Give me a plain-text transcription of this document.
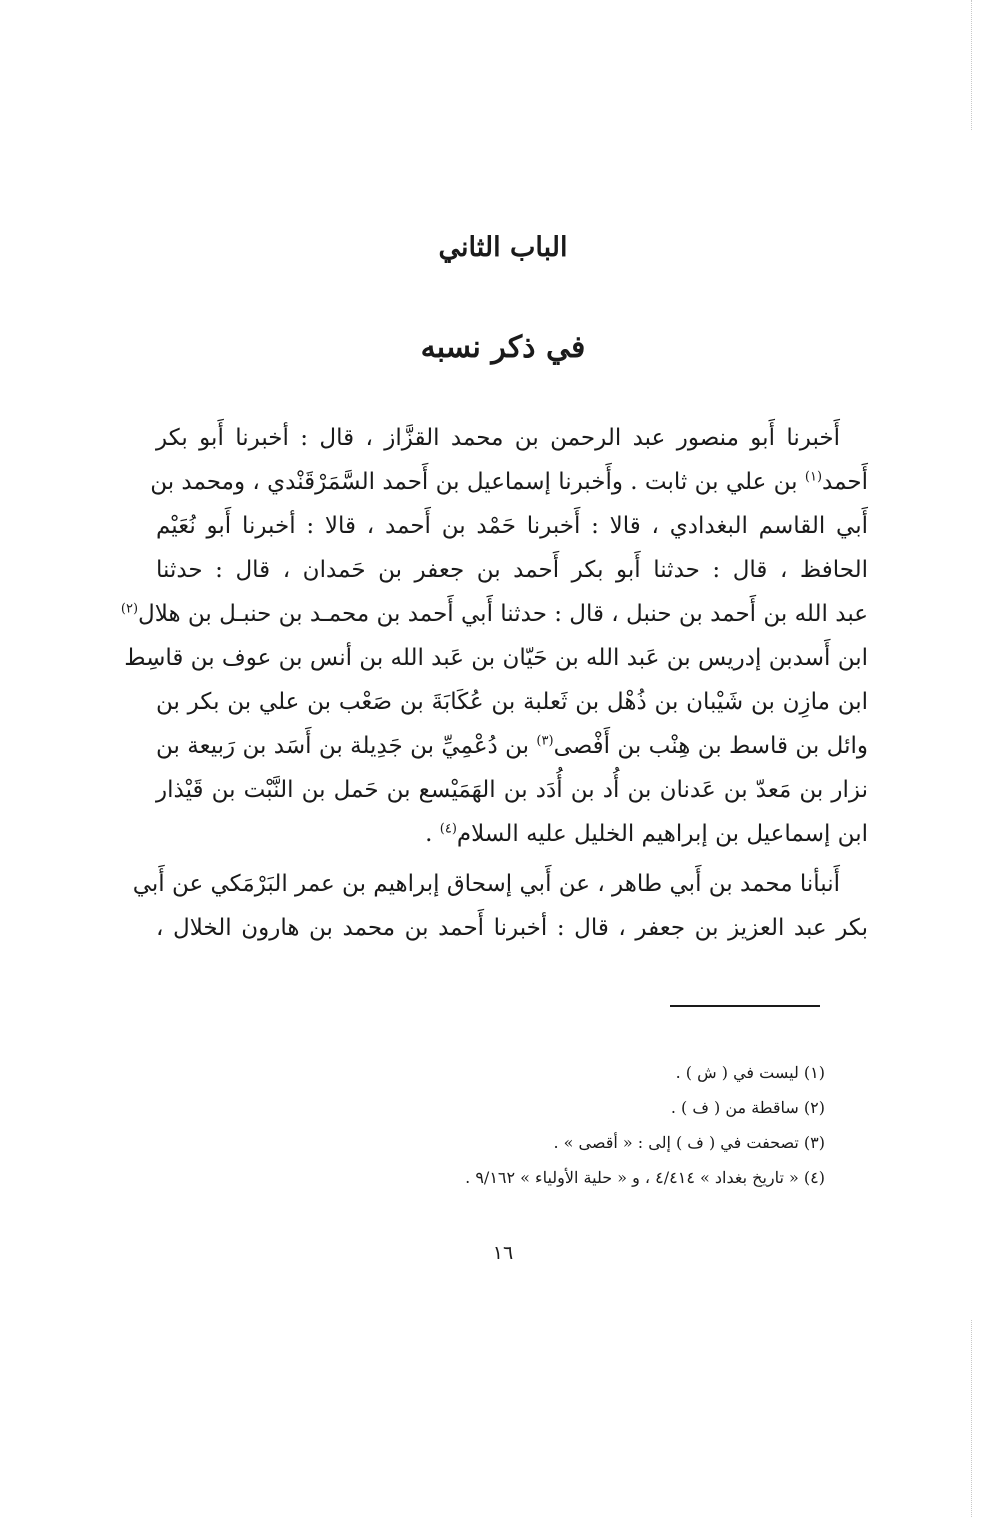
الباب الثاني
في ذكر نسبه
أَخبرنا أَبو منصور عبد الرحمن بن محمد القزَّاز ، قال : أخبرنا أَبو بكر
أَحمد$^{(١)}$ بن علي بن ثابت . وأَخبرنا إسماعيل بن أَحمد السَّمَرْقَنْدي ، ومحمد بن
أَبي القاسم البغدادي ، قالا : أَخبرنا حَمْد بن أَحمد ، قالا : أخبرنا أَبو نُعَيْم
الحافظ ، قال : حدثنا أَبو بكر أَحمد بن جعفر بن حَمدان ، قال : حدثنا
عبد الله بن أَحمد بن حنبل ، قال : حدثنا أَبي أَحمد بن محمـد بن حنبـل بن هلال$^{(٢)}$
ابن أَسدبن إدريس بن عَبد الله بن حَيّان بن عَبد الله بن أنس بن عوف بن قاسِط
ابن مازِن بن شَيْبان بن ذُهْل بن ثَعلبة بن عُكَابَةَ بن صَعْب بن علي بن بكر بن
وائل بن قاسط بن هِنْب بن أَفْصى$^{(٣)}$ بن دُعْمِيِّ بن جَدِيلة بن أَسَد بن رَبيعة بن
نزار بن مَعدّ بن عَدنان بن أُد بن أُدَد بن الهَمَيْسع بن حَمل بن النَّبْت بن قَيْذار
ابن إسماعيل بن إبراهيم الخليل عليه السلام$^{(٤)}$ .
أَنبأنا محمد بن أَبي طاهر ، عن أَبي إسحاق إبراهيم بن عمر البَرْمَكي عن أَبي
بكر عبد العزيز بن جعفر ، قال : أخبرنا أَحمد بن محمد بن هارون الخلال ،
(١) ليست في ( ش ) .
(٢) ساقطة من ( ف ) .
(٣) تصحفت في ( ف ) إلى : « أقصى » .
(٤) « تاريخ بغداد » ٤/٤١٤ ، و « حلية الأولياء » ٩/١٦٢ .
١٦
